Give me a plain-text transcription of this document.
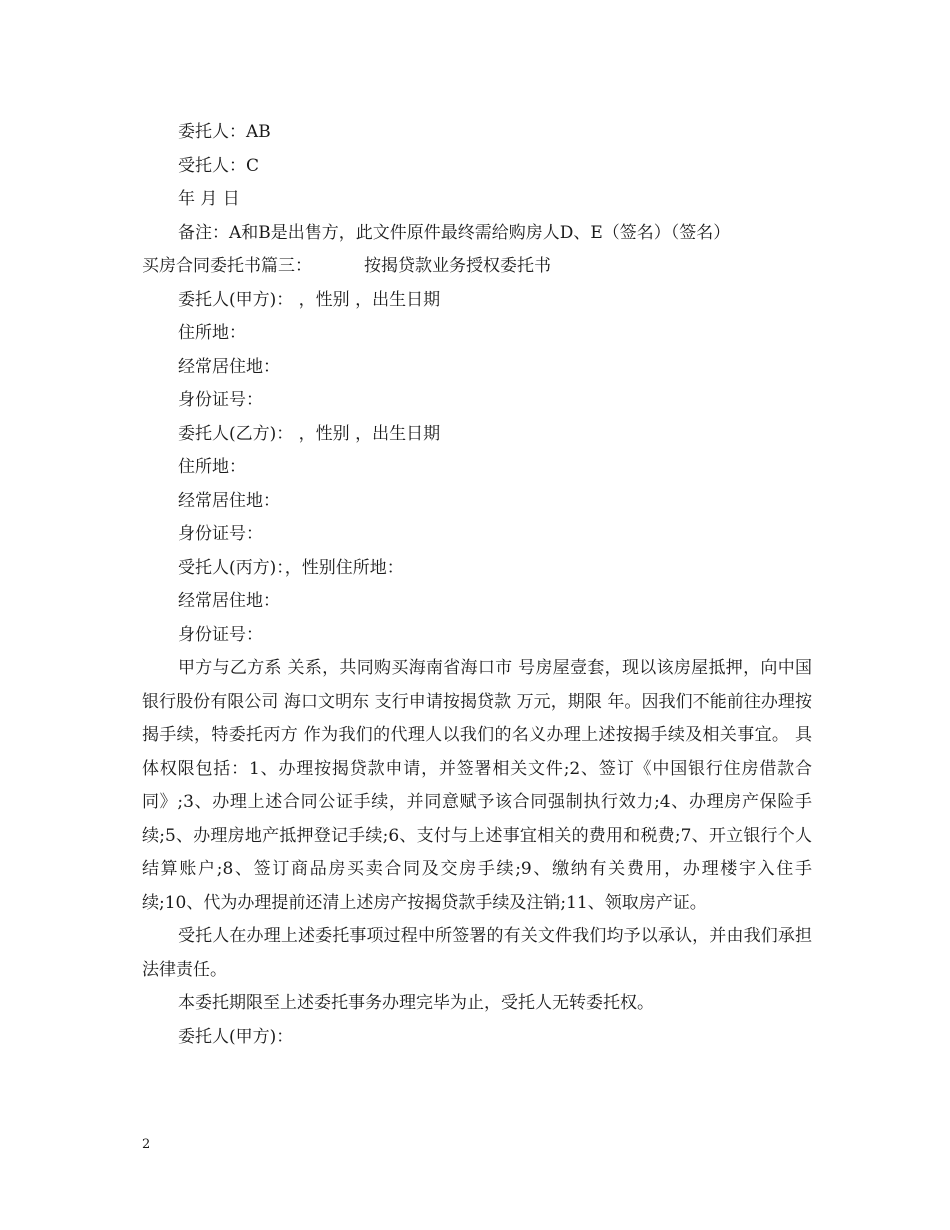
委托人：AB
受托人：C
年 月 日
备注：A和B是出售方，此文件原件最终需给购房人D、E（签名）（签名）
买房合同委托书篇三：	按揭贷款业务授权委托书
委托人(甲方)： ，性别 ，出生日期
住所地：
经常居住地：
身份证号：
委托人(乙方)： ，性别 ，出生日期
住所地：
经常居住地：
身份证号：
受托人(丙方)：，性别住所地：
经常居住地：
身份证号：

甲方与乙方系 关系，共同购买海南省海口市 号房屋壹套，现以该房屋抵押，向中国银行股份有限公司 海口文明东 支行申请按揭贷款 万元，期限 年。因我们不能前往办理按揭手续，特委托丙方 作为我们的代理人以我们的名义办理上述按揭手续及相关事宜。 具体权限包括：1、办理按揭贷款申请，并签署相关文件;2、签订《中国银行住房借款合同》;3、办理上述合同公证手续，并同意赋予该合同强制执行效力;4、办理房产保险手续;5、办理房地产抵押登记手续;6、支付与上述事宜相关的费用和税费;7、开立银行个人结算账户;8、签订商品房买卖合同及交房手续;9、缴纳有关费用，办理楼宇入住手续;10、代为办理提前还清上述房产按揭贷款手续及注销;11、领取房产证。

受托人在办理上述委托事项过程中所签署的有关文件我们均予以承认，并由我们承担法律责任。

本委托期限至上述委托事务办理完毕为止，受托人无转委托权。

委托人(甲方)：
2
